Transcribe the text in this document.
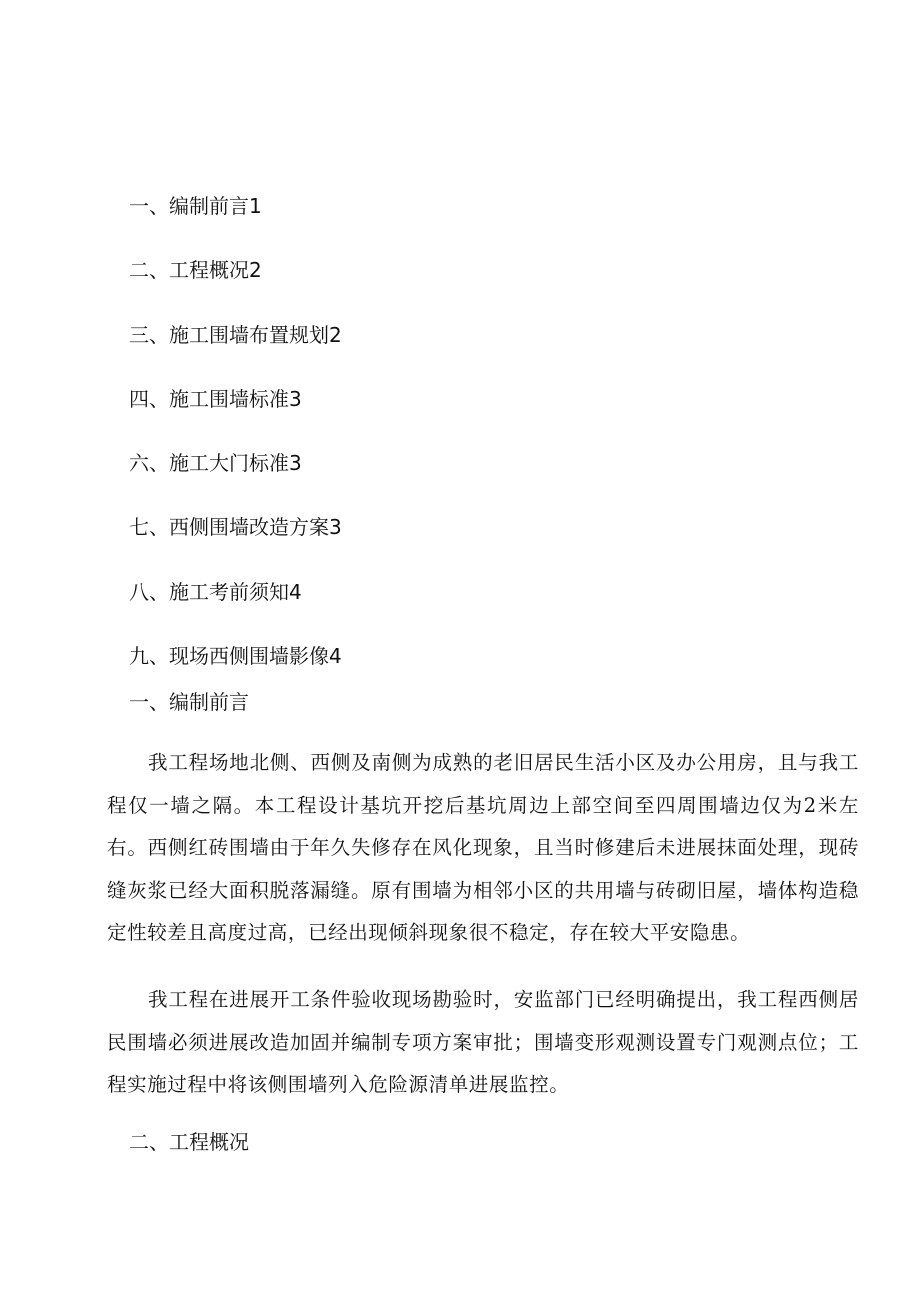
一、编制前言1
二、工程概况2
三、施工围墙布置规划2
四、施工围墙标准3
六、施工大门标准3
七、西侧围墙改造方案3
八、施工考前须知4
九、现场西侧围墙影像4
一、编制前言

我工程场地北侧、西侧及南侧为成熟的老旧居民生活小区及办公用房，且与我工程仅一墙之隔。本工程设计基坑开挖后基坑周边上部空间至四周围墙边仅为2米左右。西侧红砖围墙由于年久失修存在风化现象，且当时修建后未进展抹面处理，现砖缝灰浆已经大面积脱落漏缝。原有围墙为相邻小区的共用墙与砖砌旧屋，墙体构造稳定性较差且高度过高，已经出现倾斜现象很不稳定，存在较大平安隐患。

我工程在进展开工条件验收现场勘验时，安监部门已经明确提出，我工程西侧居民围墙必须进展改造加固并编制专项方案审批；围墙变形观测设置专门观测点位；工程实施过程中将该侧围墙列入危险源清单进展监控。

二、工程概况
